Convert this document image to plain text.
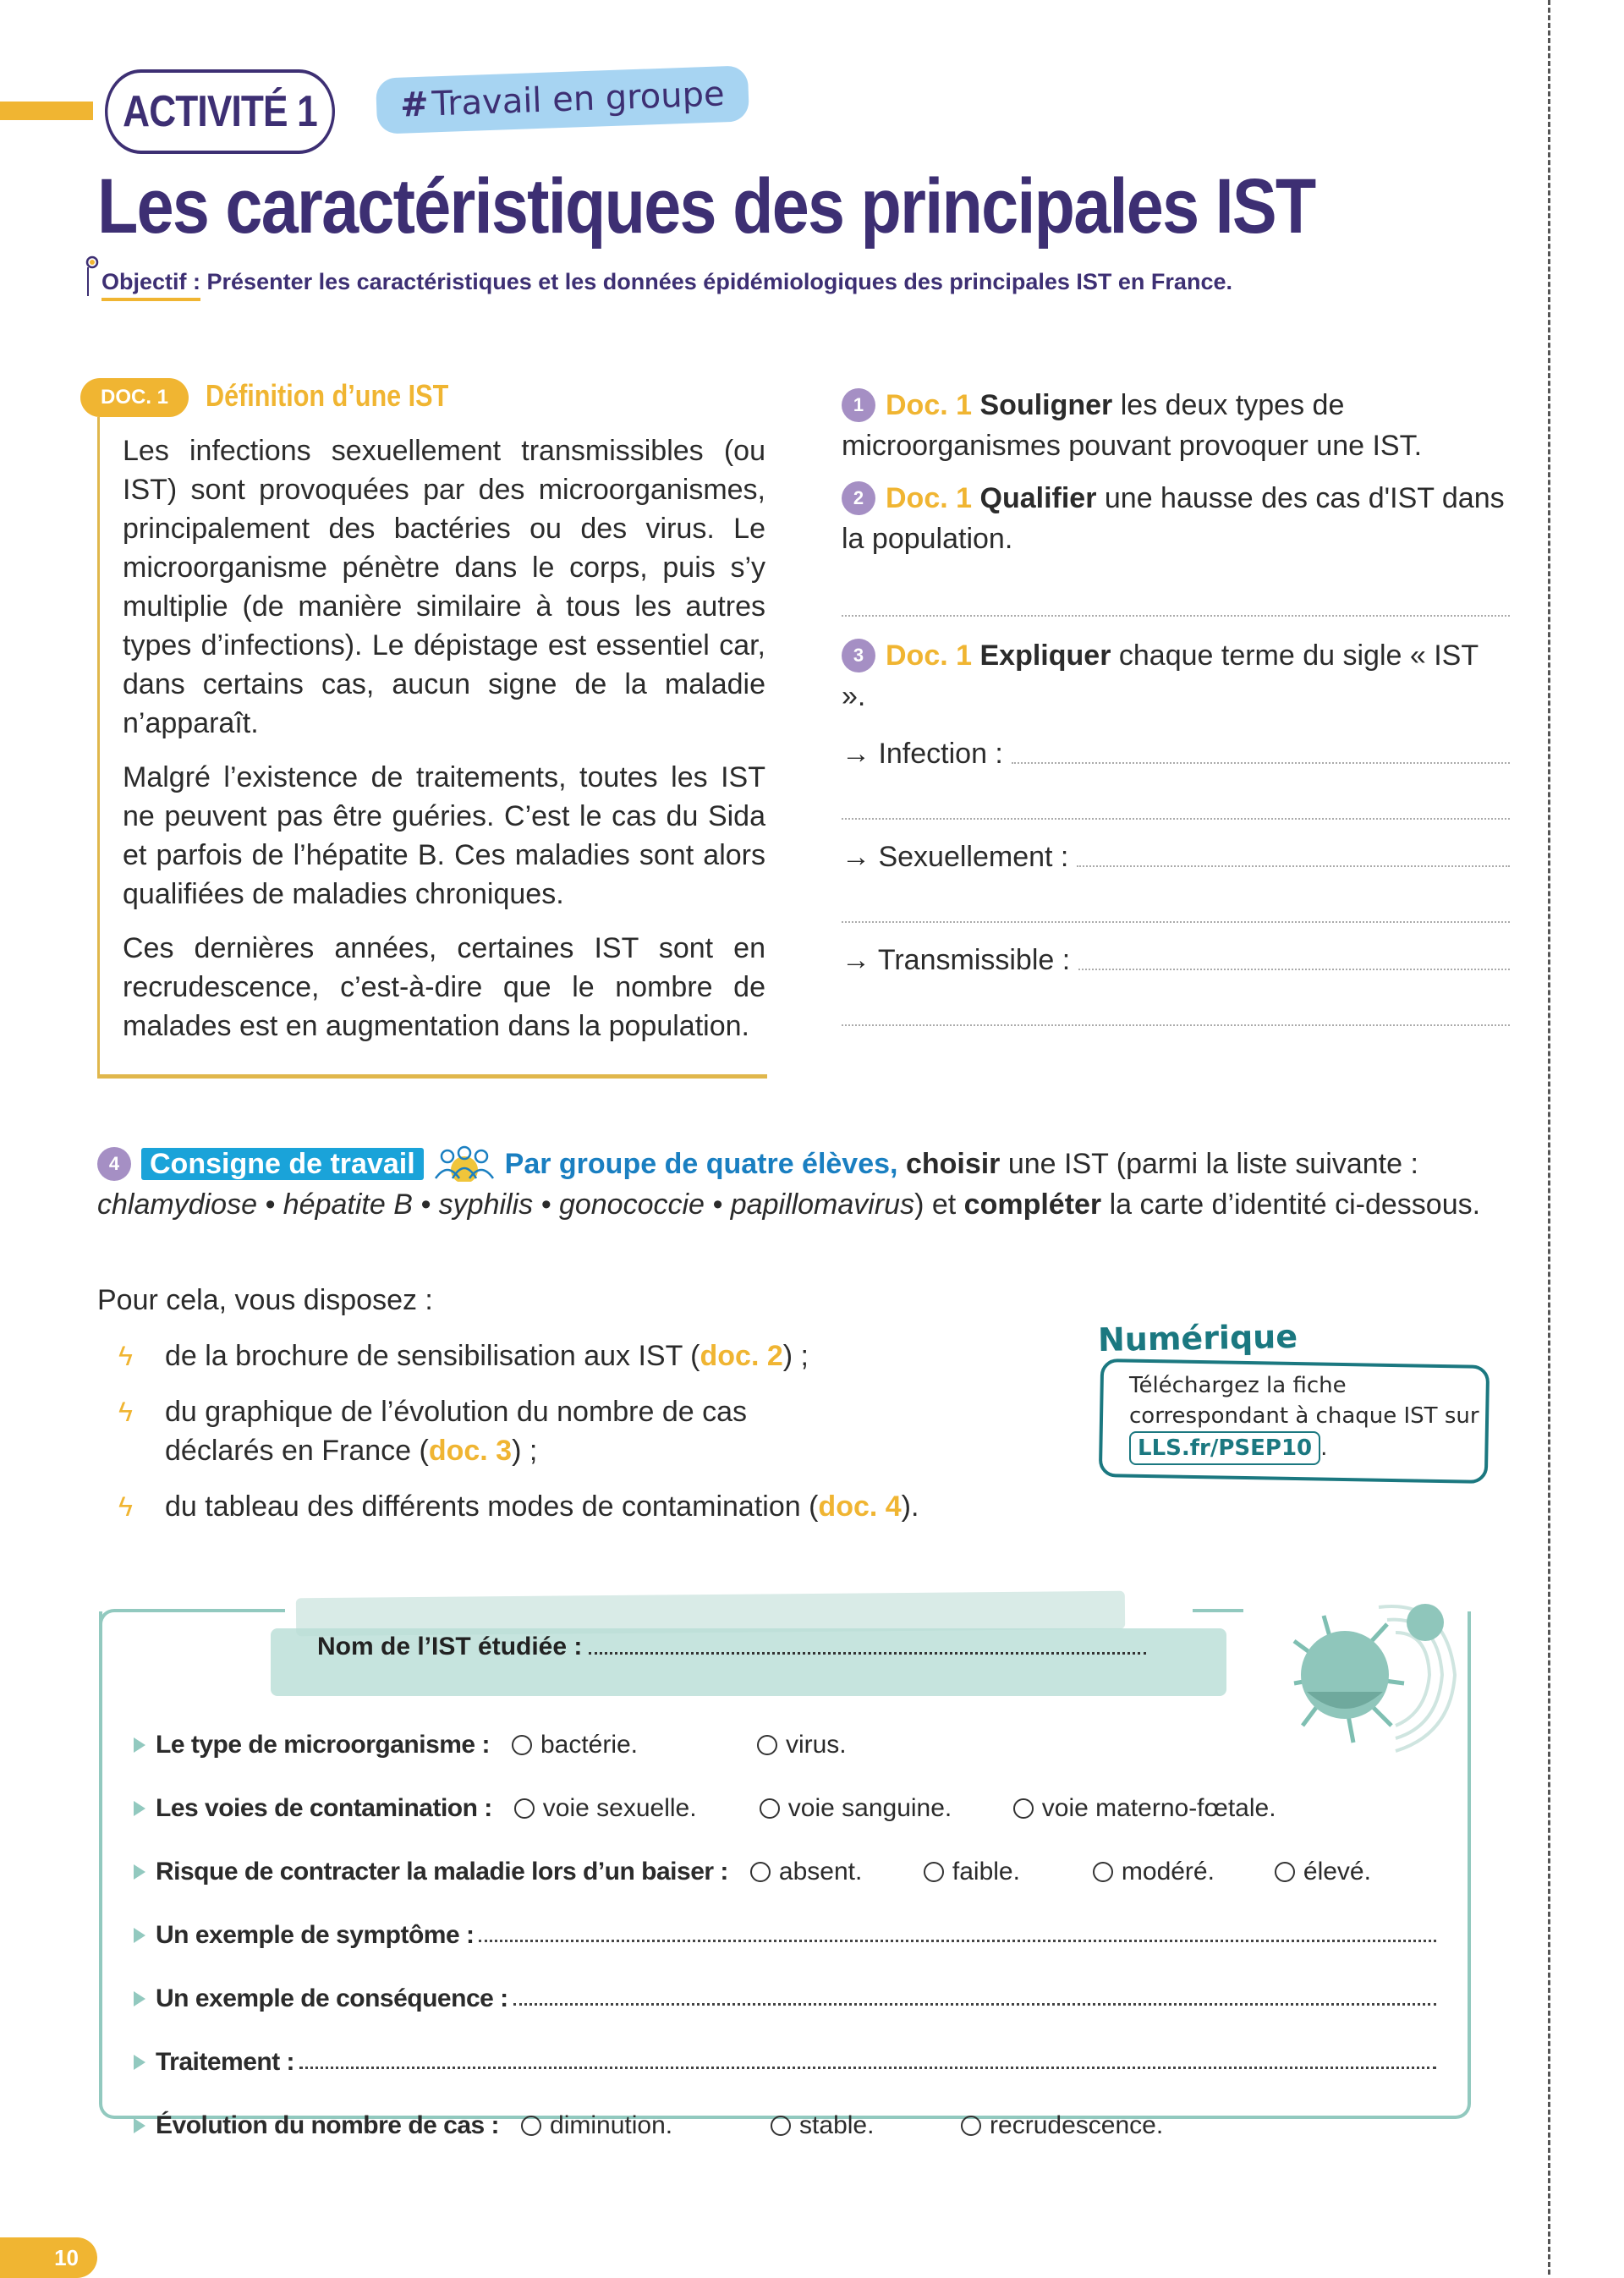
ACTIVITÉ 1	#Travail en groupe
Les caractéristiques des principales IST
Objectif : Présenter les caractéristiques et les données épidémiologiques des principales IST en France.
DOC. 1	Définition d’une IST

Les infections sexuellement transmissibles (ou IST) sont provoquées par des microorganismes, principalement des bactéries ou des virus. Le microorganisme pénètre dans le corps, puis s’y multiplie (de manière similaire à tous les autres types d’infections). Le dépistage est essentiel car, dans certains cas, aucun signe de la maladie n’apparaît.

Malgré l’existence de traitements, toutes les IST ne peuvent pas être guéries. C’est le cas du Sida et parfois de l’hépatite B. Ces maladies sont alors qualifiées de maladies chroniques.

Ces dernières années, certaines IST sont en recrudescence, c’est-à-dire que le nombre de malades est en augmentation dans la population.

1 Doc. 1 Souligner les deux types de microorganismes pouvant provoquer une IST.
2 Doc. 1 Qualifier une hausse des cas d'IST dans la population.
3 Doc. 1 Expliquer chaque terme du sigle « IST ».
→ Infection :
→ Sexuellement :
→ Transmissible :
4 Consigne de travail	Par groupe de quatre élèves, choisir une IST (parmi la liste suivante : chlamydiose • hépatite B • syphilis • gonococcie • papillomavirus) et compléter la carte d’identité ci-dessous.
Pour cela, vous disposez :
ϟ	de la brochure de sensibilisation aux IST (doc. 2) ;
ϟ	du graphique de l’évolution du nombre de cas déclarés en France (doc. 3) ;
ϟ	du tableau des différents modes de contamination (doc. 4).
Numérique
Téléchargez la fiche correspondant à chaque IST sur LLS.fr/PSEP10 .
Nom de l’IST étudiée :
Le type de microorganisme : bactérie.	virus.
Les voies de contamination : voie sexuelle.	voie sanguine.	voie materno-fœtale.
Risque de contracter la maladie lors d’un baiser : absent.	faible.	modéré.	élevé.
Un exemple de symptôme :
Un exemple de conséquence :
Traitement :
Évolution du nombre de cas : diminution.	stable.	recrudescence.
10
